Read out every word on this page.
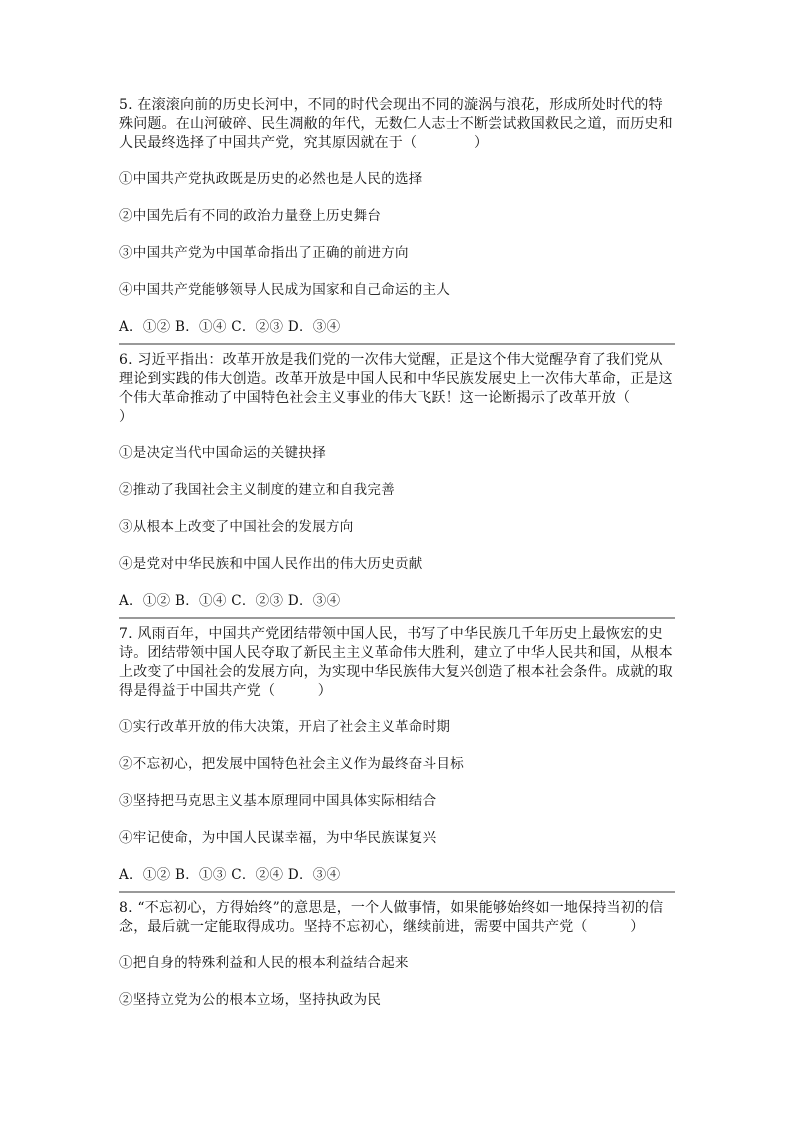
5. 在滚滚向前的历史长河中，不同的时代会现出不同的漩涡与浪花，形成所处时代的特殊问题。在山河破碎、民生凋敝的年代，无数仁人志士不断尝试救国救民之道，而历史和人民最终选择了中国共产党，究其原因就在于（　　　　）

①中国共产党执政既是历史的必然也是人民的选择

②中国先后有不同的政治力量登上历史舞台

③中国共产党为中国革命指出了正确的前进方向

④中国共产党能够领导人民成为国家和自己命运的主人

A．①② B．①④ C．②③ D．③④

6. 习近平指出：改革开放是我们党的一次伟大觉醒，正是这个伟大觉醒孕育了我们党从理论到实践的伟大创造。改革开放是中国人民和中华民族发展史上一次伟大革命，正是这个伟大革命推动了中国特色社会主义事业的伟大飞跃！这一论断揭示了改革开放（　　　）

①是决定当代中国命运的关键抉择

②推动了我国社会主义制度的建立和自我完善

③从根本上改变了中国社会的发展方向

④是党对中华民族和中国人民作出的伟大历史贡献

A．①② B．①④ C．②③ D．③④

7. 风雨百年，中国共产党团结带领中国人民，书写了中华民族几千年历史上最恢宏的史诗。团结带领中国人民夺取了新民主主义革命伟大胜利，建立了中华人民共和国，从根本上改变了中国社会的发展方向，为实现中华民族伟大复兴创造了根本社会条件。成就的取得是得益于中国共产党（　　　）

①实行改革开放的伟大决策，开启了社会主义革命时期

②不忘初心，把发展中国特色社会主义作为最终奋斗目标

③坚持把马克思主义基本原理同中国具体实际相结合

④牢记使命，为中国人民谋幸福，为中华民族谋复兴

A．①② B．①③ C．②④ D．③④

8. “不忘初心，方得始终”的意思是，一个人做事情，如果能够始终如一地保持当初的信念，最后就一定能取得成功。坚持不忘初心，继续前进，需要中国共产党（　　　）

①把自身的特殊利益和人民的根本利益结合起来

②坚持立党为公的根本立场，坚持执政为民
